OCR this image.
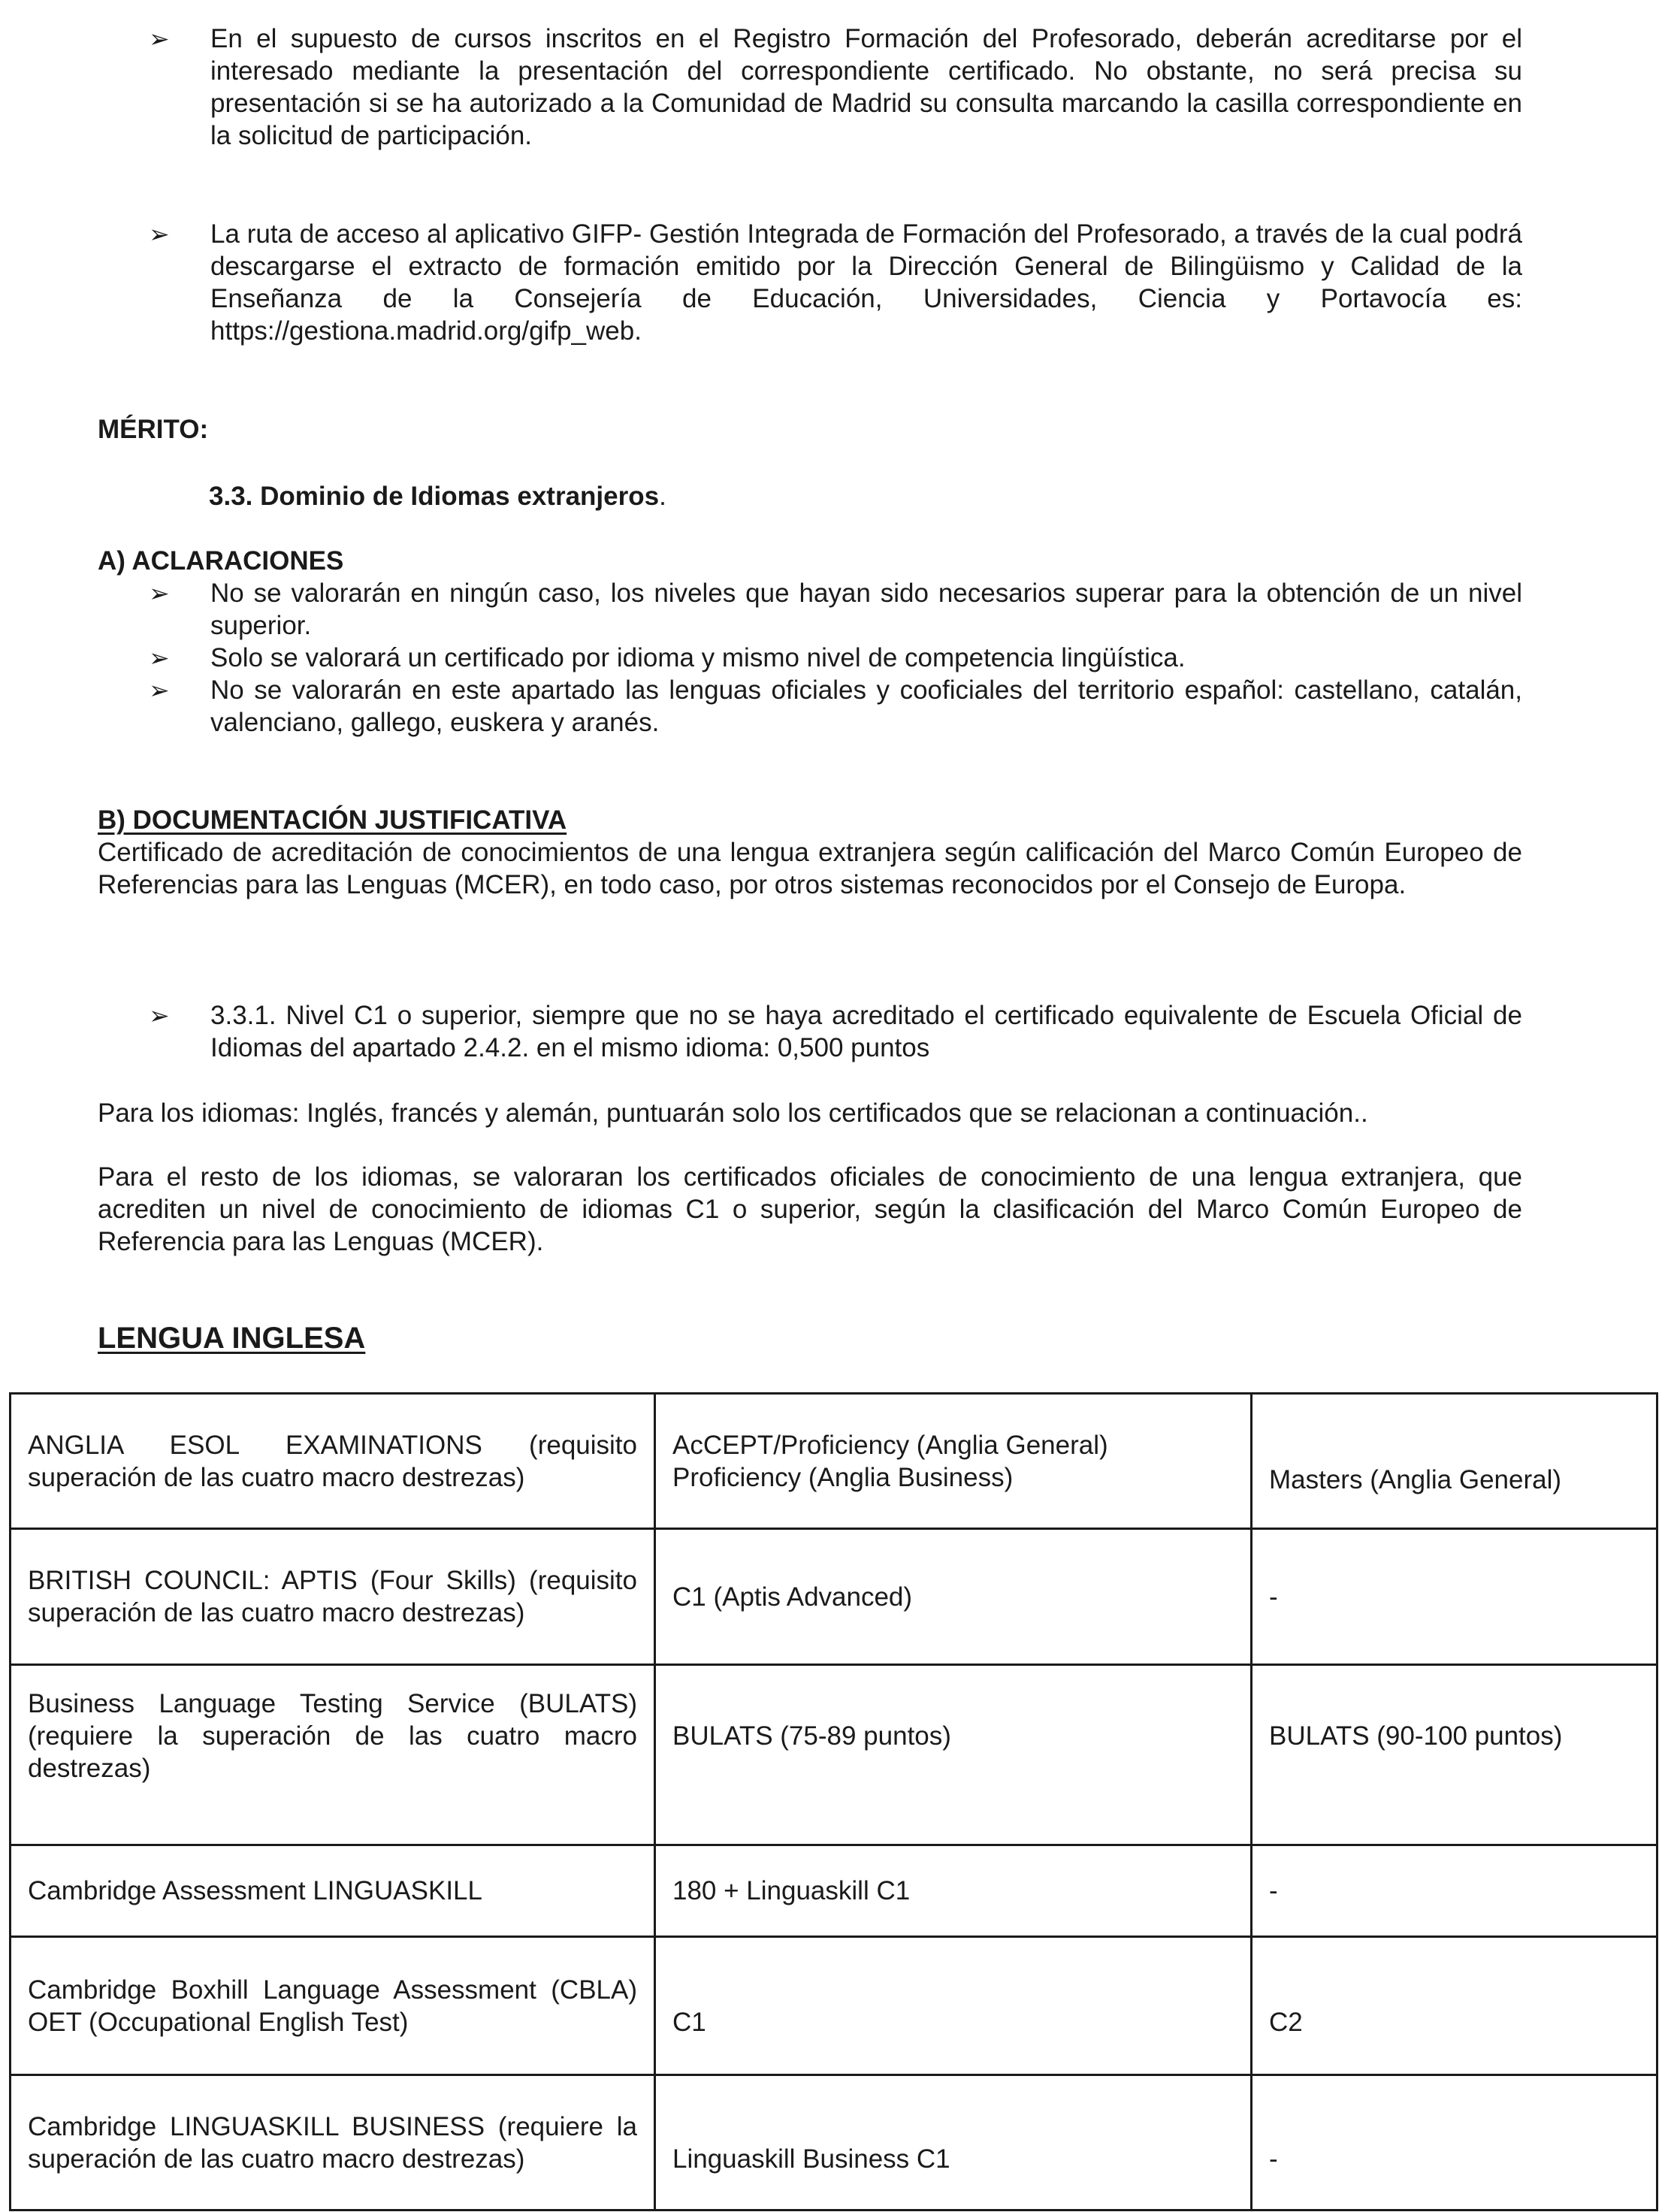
➢	En el supuesto de cursos inscritos en el Registro Formación del Profesorado, deberán acreditarse por el interesado mediante la presentación del correspondiente certificado. No obstante, no será precisa su presentación si se ha autorizado a la Comunidad de Madrid su consulta marcando la casilla correspondiente en la solicitud de participación.
➢	La ruta de acceso al aplicativo GIFP- Gestión Integrada de Formación del Profesorado, a través de la cual podrá descargarse el extracto de formación emitido por la Dirección General de Bilingüismo y Calidad de la Enseñanza de la Consejería de Educación, Universidades, Ciencia y Portavocía es: https://gestiona.madrid.org/gifp_web.
MÉRITO:
3.3. Dominio de Idiomas extranjeros.
A) ACLARACIONES
➢	No se valorarán en ningún caso, los niveles que hayan sido necesarios superar para la obtención de un nivel superior.
➢	Solo se valorará un certificado por idioma y mismo nivel de competencia lingüística.
➢	No se valorarán en este apartado las lenguas oficiales y cooficiales del territorio español: castellano, catalán, valenciano, gallego, euskera y aranés.
B) DOCUMENTACIÓN JUSTIFICATIVA
Certificado de acreditación de conocimientos de una lengua extranjera según calificación del Marco Común Europeo de Referencias para las Lenguas (MCER), en todo caso, por otros sistemas reconocidos por el Consejo de Europa.
➢	3.3.1. Nivel C1 o superior, siempre que no se haya acreditado el certificado equivalente de Escuela Oficial de Idiomas del apartado 2.4.2. en el mismo idioma: 0,500 puntos
Para los idiomas: Inglés, francés y alemán, puntuarán solo los certificados que se relacionan a continuación..
Para el resto de los idiomas, se valoraran los certificados oficiales de conocimiento de una lengua extranjera, que acrediten un nivel de conocimiento de idiomas C1 o superior, según la clasificación del Marco Común Europeo de Referencia para las Lenguas (MCER).
LENGUA INGLESA
ANGLIA ESOL EXAMINATIONS (requisito superación de las cuatro macro destrezas)	AcCEPT/Proficiency (Anglia General) Proficiency (Anglia Business)	Masters (Anglia General)

BRITISH COUNCIL: APTIS (Four Skills) (requisito superación de las cuatro macro destrezas)	C1 (Aptis Advanced)	-

Business Language Testing Service (BULATS) (requiere la superación de las cuatro macro destrezas)	BULATS (75-89 puntos)	BULATS (90-100 puntos)

Cambridge Assessment LINGUASKILL	180 + Linguaskill C1	-

Cambridge Boxhill Language Assessment (CBLA) OET (Occupational English Test)	C1	C2

Cambridge LINGUASKILL BUSINESS (requiere la superación de las cuatro macro destrezas)	Linguaskill Business C1	-
